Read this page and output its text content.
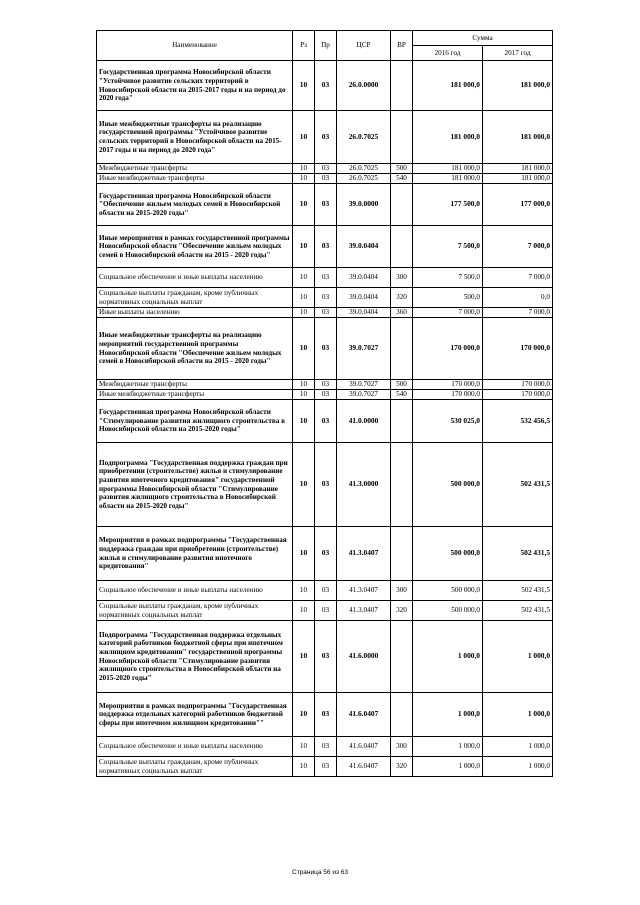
Наименование	Рз	Пр	ЦСР	ВР	Сумма	
					2016 год	2017 год
Государственная программа Новосибирской области "Устойчивое развитие сельских территорий в Новосибирской области на 2015-2017 годы и на период до 2020 года"	10	03	26.0.0000		181 000,0	181 000,0
Иные межбюджетные трансферты на реализацию государственной программы "Устойчивое развитие сельских территорий в Новосибирской области на 2015-2017 годы и на период до 2020 года"	10	03	26.0.7025		181 000,0	181 000,0
Межбюджетные трансферты	10	03	26.0.7025	500	181 000,0	181 000,0
Иные межбюджетные трансферты	10	03	26.0.7025	540	181 000,0	181 000,0
Государственная программа Новосибирской области "Обеспечение жильем молодых семей в Новосибирской области на 2015-2020 годы"	10	03	39.0.0000		177 500,0	177 000,0
Иные мероприятия в рамках государственной программы Новосибирской области "Обеспечение жильем молодых семей в Новосибирской области на 2015 - 2020 годы"	10	03	39.0.0404		7 500,0	7 000,0
Социальное обеспечение и иные выплаты населению	10	03	39.0.0404	300	7 500,0	7 000,0
Социальные выплаты гражданам, кроме публичных нормативных социальных выплат	10	03	39.0.0404	320	500,0	0,0
Иные выплаты населению	10	03	39.0.0404	360	7 000,0	7 000,0
Иные межбюджетные трансферты на реализацию мероприятий государственной программы Новосибирской области "Обеспечение жильем молодых семей в Новосибирской области на 2015 - 2020 годы"	10	03	39.0.7027		170 000,0	170 000,0
Межбюджетные трансферты	10	03	39.0.7027	500	170 000,0	170 000,0
Иные межбюджетные трансферты	10	03	39.0.7027	540	170 000,0	170 000,0
Государственная программа Новосибирской области "Стимулирование развития жилищного строительства в Новосибирской области на 2015-2020 годы"	10	03	41.0.0000		530 025,0	532 456,5
Подпрограмма "Государственная поддержка граждан при приобретении (строительстве) жилья и стимулирование развития ипотечного кредитования" государственной программы Новосибирской области "Стимулирование развития жилищного строительства в Новосибирской области на 2015-2020 годы"	10	03	41.3.0000		500 000,0	502 431,5
Мероприятия в рамках подпрограммы "Государственная поддержка граждан при приобретении (строительстве) жилья и стимулирование развития ипотечного кредитования"	10	03	41.3.0407		500 000,0	502 431,5
Социальное обеспечение и иные выплаты населению	10	03	41.3.0407	300	500 000,0	502 431,5
Социальные выплаты гражданам, кроме публичных нормативных социальных выплат	10	03	41.3.0407	320	500 000,0	502 431,5
Подпрограмма "Государственная поддержка отдельных категорий работников бюджетной сферы при ипотечном жилищном кредитовании" государственной программы Новосибирской области "Стимулирование развития жилищного строительства в Новосибирской области на 2015-2020 годы"	10	03	41.6.0000		1 000,0	1 000,0
Мероприятия в рамках подпрограммы "Государственная поддержка отдельных категорий работников бюджетной сферы при ипотечном жилищном кредитовании""	10	03	41.6.0407		1 000,0	1 000,0
Социальное обеспечение и иные выплаты населению	10	03	41.6.0407	300	1 000,0	1 000,0
Социальные выплаты гражданам, кроме публичных нормативных социальных выплат	10	03	41.6.0407	320	1 000,0	1 000,0
Страница 56 из 63
